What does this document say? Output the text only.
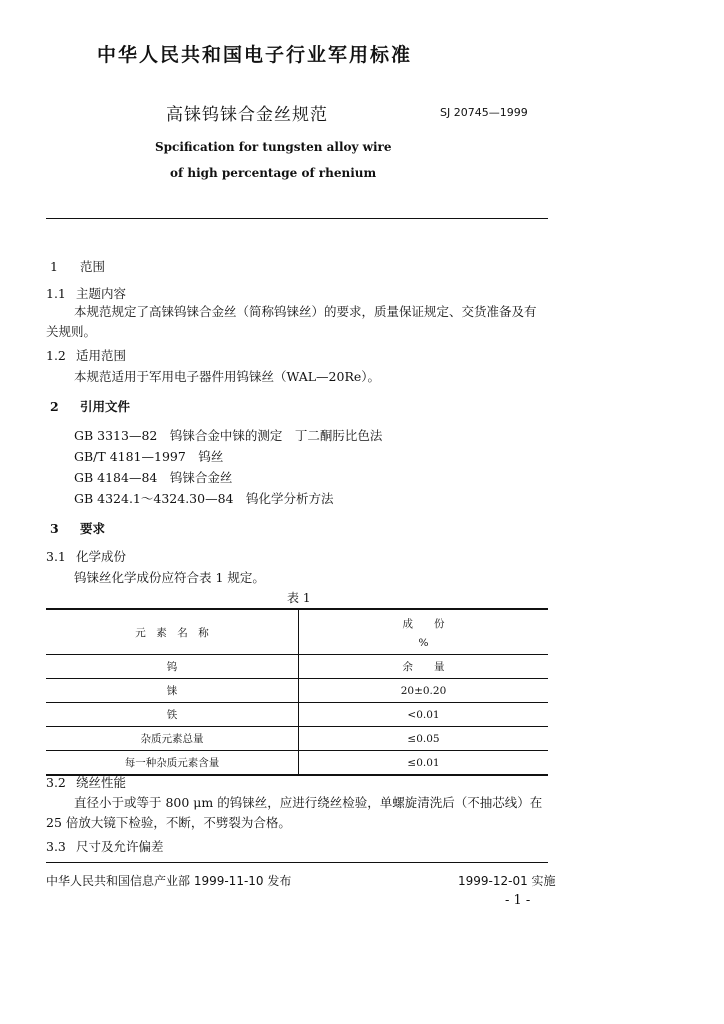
中华人民共和国电子行业军用标准
高铼钨铼合金丝规范	SJ 20745—1999
Spcification for tungsten alloy wire
of high percentage of rhenium
1 范围
1.1 主题内容
本规范规定了高铼钨铼合金丝（简称钨铼丝）的要求，质量保证规定、交货准备及有关规则。
1.2 适用范围
本规范适用于军用电子器件用钨铼丝（WAL—20Re）。
2 引用文件
GB 3313—82　钨铼合金中铼的测定　丁二酮肟比色法
GB/T 4181—1997　钨丝
GB 4184—84　钨铼合金丝
GB 4324.1～4324.30—84　钨化学分析方法
3 要求
3.1 化学成份
钨铼丝化学成份应符合表 1 规定。
表 1
元　素　名　称	成　　份
%

钨	余　　量
铼	20±0.20
铁	<0.01
杂质元素总量	≤0.05
每一种杂质元素含量	≤0.01
3.2 绕丝性能
直径小于或等于 800 μm 的钨铼丝，应进行绕丝检验，单螺旋清洗后（不抽芯线）在 25 倍放大镜下检验，不断，不劈裂为合格。
3.3 尺寸及允许偏差
中华人民共和国信息产业部 1999-11-10 发布	1999-12-01 实施
- 1 -
